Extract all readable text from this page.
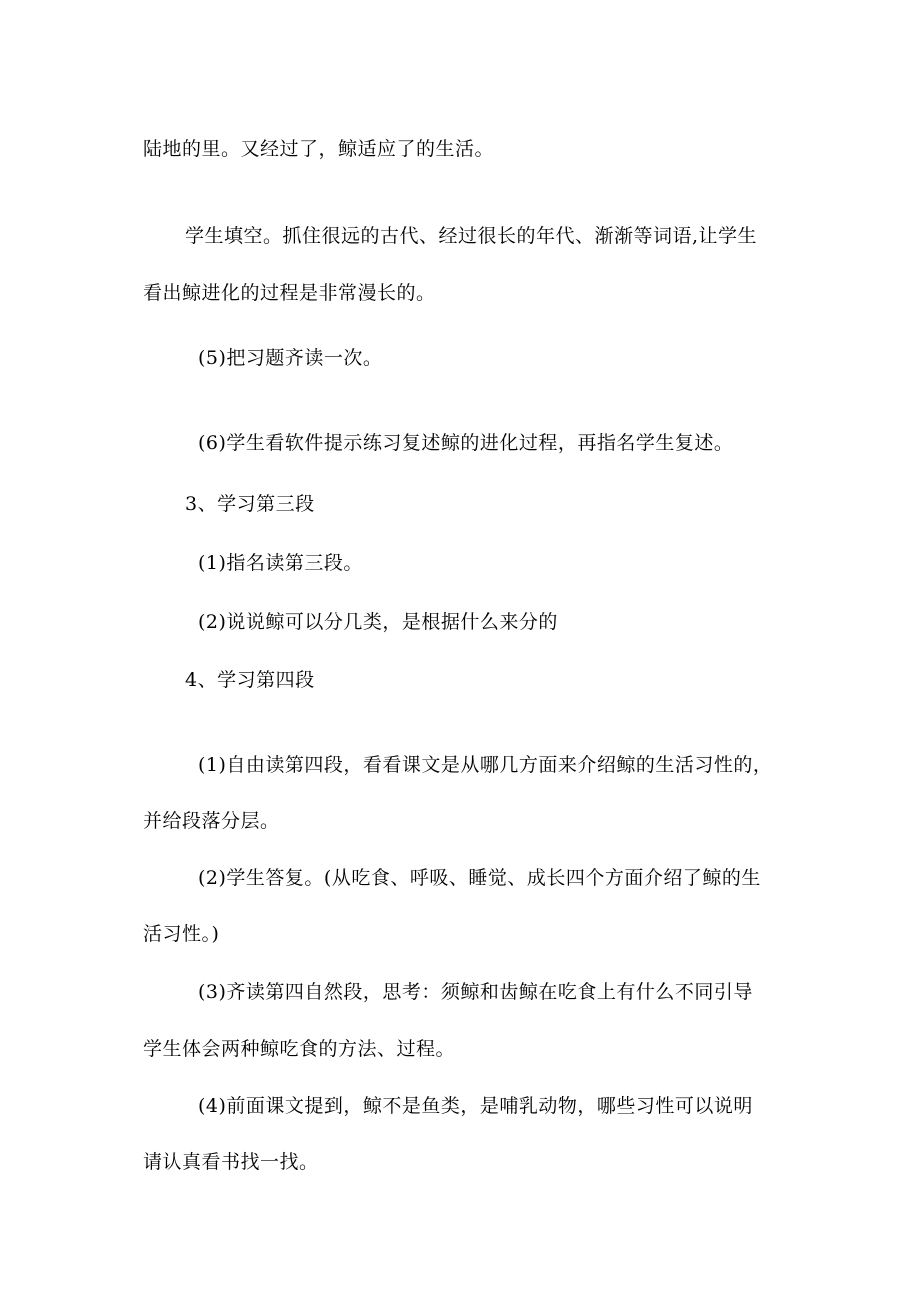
陆地的里。又经过了，鲸适应了的生活。
学生填空。抓住很远的古代、经过很长的年代、渐渐等词语,让学生
看出鲸进化的过程是非常漫长的。
(5)把习题齐读一次。
(6)学生看软件提示练习复述鲸的进化过程，再指名学生复述。
3、学习第三段
(1)指名读第三段。
(2)说说鲸可以分几类，是根据什么来分的
4、学习第四段
(1)自由读第四段，看看课文是从哪几方面来介绍鲸的生活习性的，
并给段落分层。
(2)学生答复。(从吃食、呼吸、睡觉、成长四个方面介绍了鲸的生
活习性。)
(3)齐读第四自然段，思考：须鲸和齿鲸在吃食上有什么不同引导
学生体会两种鲸吃食的方法、过程。
(4)前面课文提到，鲸不是鱼类，是哺乳动物，哪些习性可以说明
请认真看书找一找。
